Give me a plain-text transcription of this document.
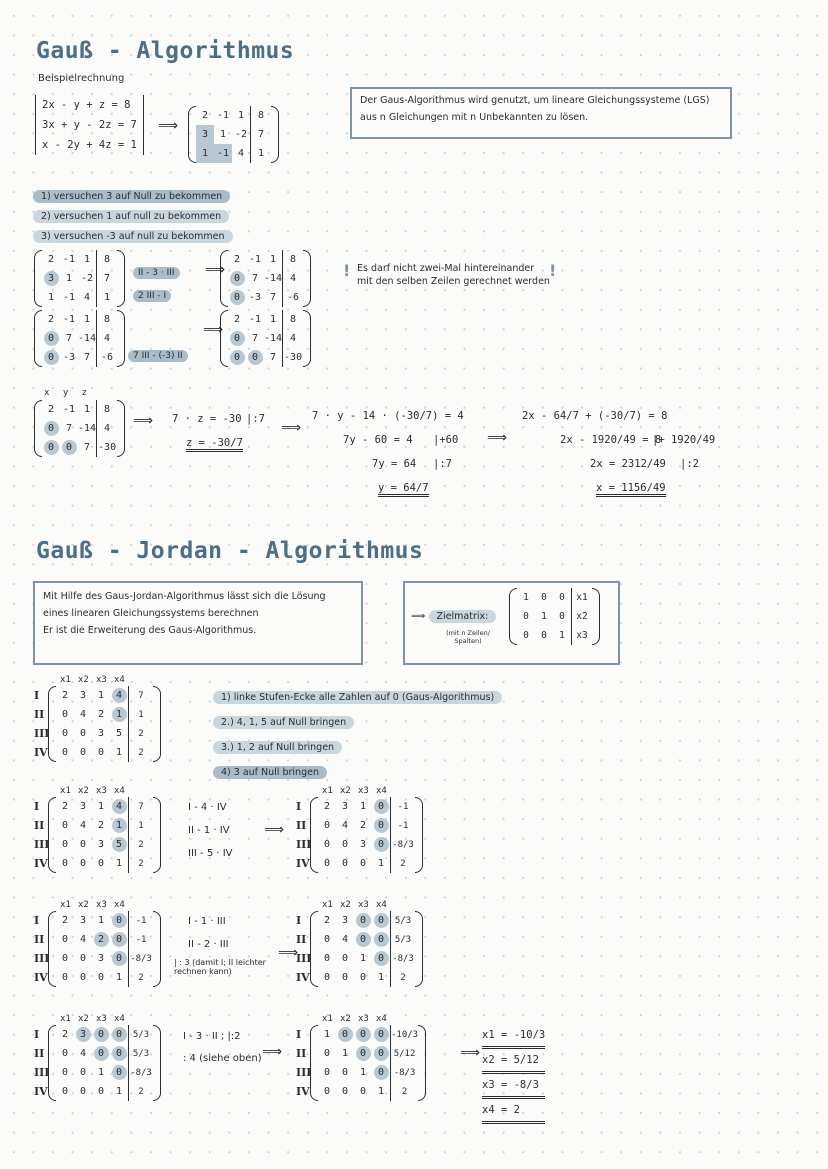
Gauß - Algorithmus
Beispielrechnung
2x - y + z = 8
3x + y - 2z = 7
x - 2y + 4z = 1
⟹
2	-1	1	8
3	1	-2	7
1	-1	4	1
Der Gaus-Algorithmus wird genutzt, um lineare Gleichungssysteme (LGS)
aus n Gleichungen mit n Unbekannten zu lösen.
1) versuchen 3 auf Null zu bekommen
2) versuchen 1 auf null zu bekommen
3) versuchen -3 auf null zu bekommen
2	-1	1	8
3	1	-2	7
1	-1	4	1
II - 3 · III
2 III - I
⟹
2	-1	1	8
0	7	-14	4
0	-3	7	-6
! Es darf nicht zwei-Mal hintereinander
mit den selben Zeilen gerechnet werden
!
2	-1	1	8
0	7	-14	4
0	-3	7	-6	7 III - (-3) II
⟹
2	-1	1	8
0	7	-14	4
0	0	7	-30
x y z
2	-1	1	8
0	7	-14	4
0	0	7	-30
⟹ 7 · z = -30 |:7
z = -30/7
⟹
7 · y - 14 · (-30/7) = 4
7y - 60 = 4 |+60
7y = 64 |:7
y = 64/7
⟹
2x - 64/7 + (-30/7) = 8
2x - 1920/49 = 8
|+ 1920/49
2x = 2312/49 |:2
x = 1156/49
Gauß - Jordan - Algorithmus
Mit Hilfe des Gaus-Jordan-Algorithmus lässt sich die Lösung
eines linearen Gleichungssystems berechnen
Er ist die Erweiterung des Gaus-Algorithmus.
⟹ Zielmatrix:
(mit n Zeilen/ Spalten)
1	0	0	x1
0	1	0	x2
0	0	1	x3
1) linke Stufen-Ecke alle Zahlen auf 0 (Gaus-Algorithmus)
2.) 4, 1, 5 auf Null bringen
3.) 1, 2 auf Null bringen
4) 3 auf Null bringen
2	3	1	4	7
0	4	2	1	1
0	0	3	5	2
0	0	0	1	2
x1 x2 x3 x4
I
II
III
IV
2	3	1	4	7
0	4	2	1	1
0	0	3	5	2
0	0	0	1	2
x1 x2 x3 x4
I
II
III
IV
2	3	1	0	-1
0	4	2	0	-1
0	0	3	0	-8/3
0	0	0	1	2
x1 x2 x3 x4
I
II
III
IV
2	3	1	0	-1
0	4	2	0	-1
0	0	3	0	-8/3
0	0	0	1	2
x1 x2 x3 x4
I
II
III
IV
2	3	0	0	5/3
0	4	0	0	5/3
0	0	1	0	-8/3
0	0	0	1	2
x1 x2 x3 x4
I
II
III
IV
2	3	0	0	5/3
0	4	0	0	5/3
0	0	1	0	-8/3
0	0	0	1	2
x1 x2 x3 x4
I
II
III
IV
1	0	0	0	-10/3
0	1	0	0	5/12
0	0	1	0	-8/3
0	0	0	1	2
x1 x2 x3 x4
I
II
III
IV
I - 4 · IV
II - 1 · IV
III - 5 · IV
⟹
I - 1 · III
II - 2 · III
| : 3 (damit I; II leichter rechnen kann)
⟹
I - 3 · II ; |:2
: 4 (siehe oben) ⟹	⟹
x1 = -10/3
x2 = 5/12
x3 = -8/3
x4 = 2
